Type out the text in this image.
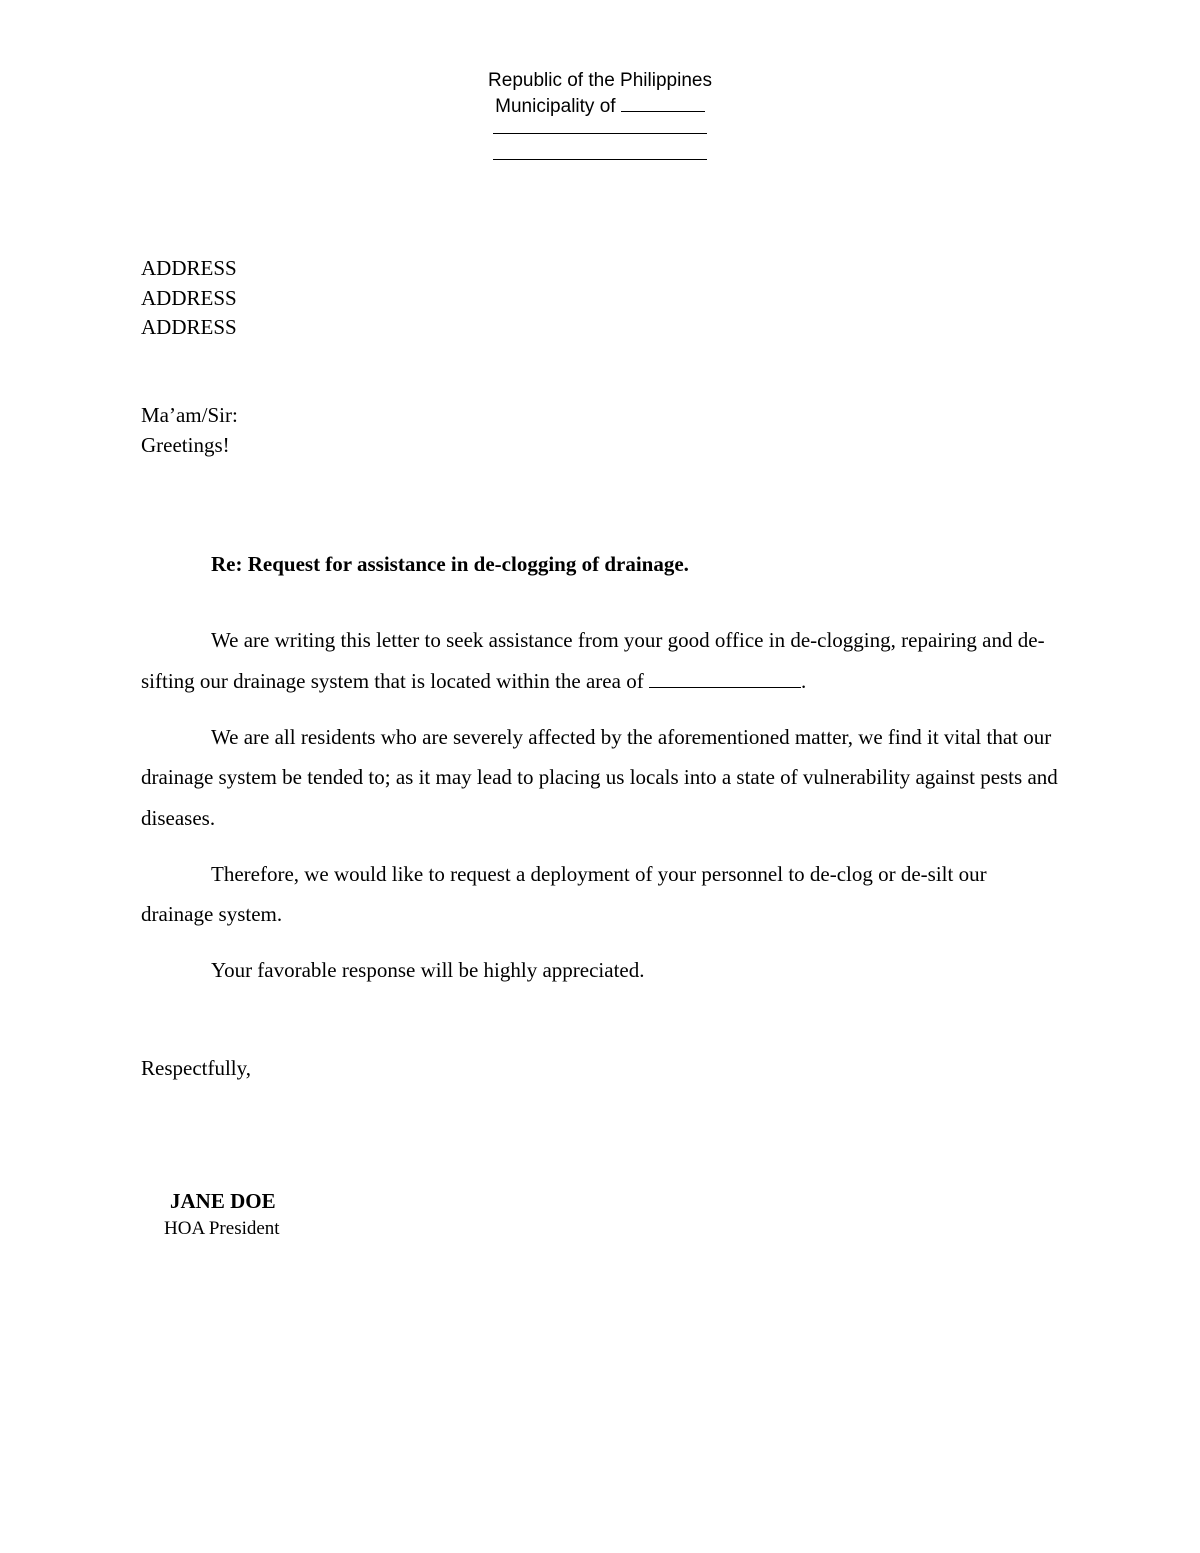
Republic of the Philippines
Municipality of
ADDRESS
ADDRESS
ADDRESS
Ma’am/Sir:
Greetings!
Re: Request for assistance in de-clogging of drainage.

We are writing this letter to seek assistance from your good office in de-clogging, repairing and de-sifting our drainage system that is located within the area of	.

We are all residents who are severely affected by the aforementioned matter, we find it vital that our drainage system be tended to; as it may lead to placing us locals into a state of vulnerability against pests and diseases.

Therefore, we would like to request a deployment of your personnel to de-clog or de-silt our drainage system.

Your favorable response will be highly appreciated.

Respectfully,
JANE DOE
HOA President
